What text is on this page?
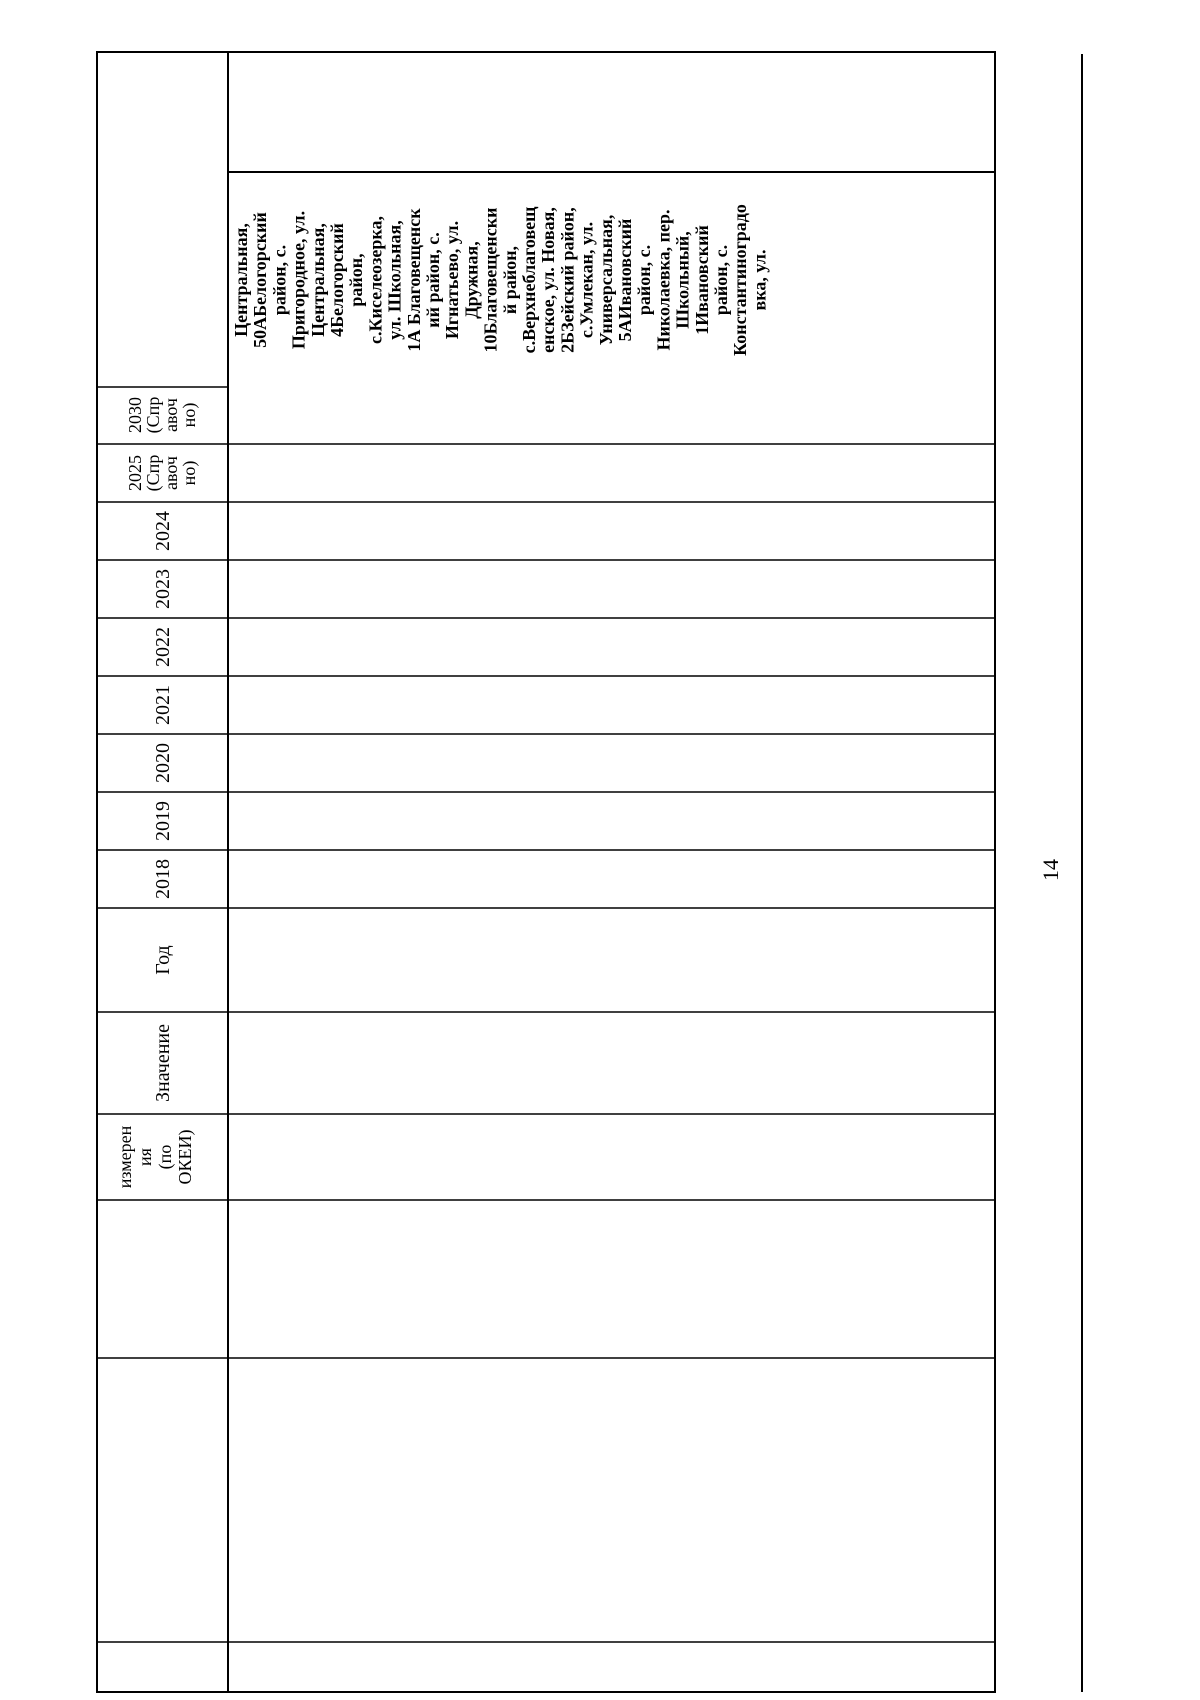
2030
(Спр
авоч
но)
2025
(Спр
авоч
но)
2018
2019
2020
2021
2022
2023
2024
Год
Значение
измерен ия (по ОКЕИ)
Центральная, 50АБелогорский район, с. Пригородное, ул. Центральная, 4Белогорский район, с.Киселеозерка, ул. Школьная, 1А Благовещенск ий район, с. Игнатьево, ул. Дружная, 10Благовещенски й район, с.Верхнеблаговещ енское, ул. Новая, 2БЗейский район, с.Умлекан, ул. Универсальная, 5АИвановский район, с. Николаевка, пер. Школьный, 1Ивановский район, с. Константиноградо вка, ул.
14
